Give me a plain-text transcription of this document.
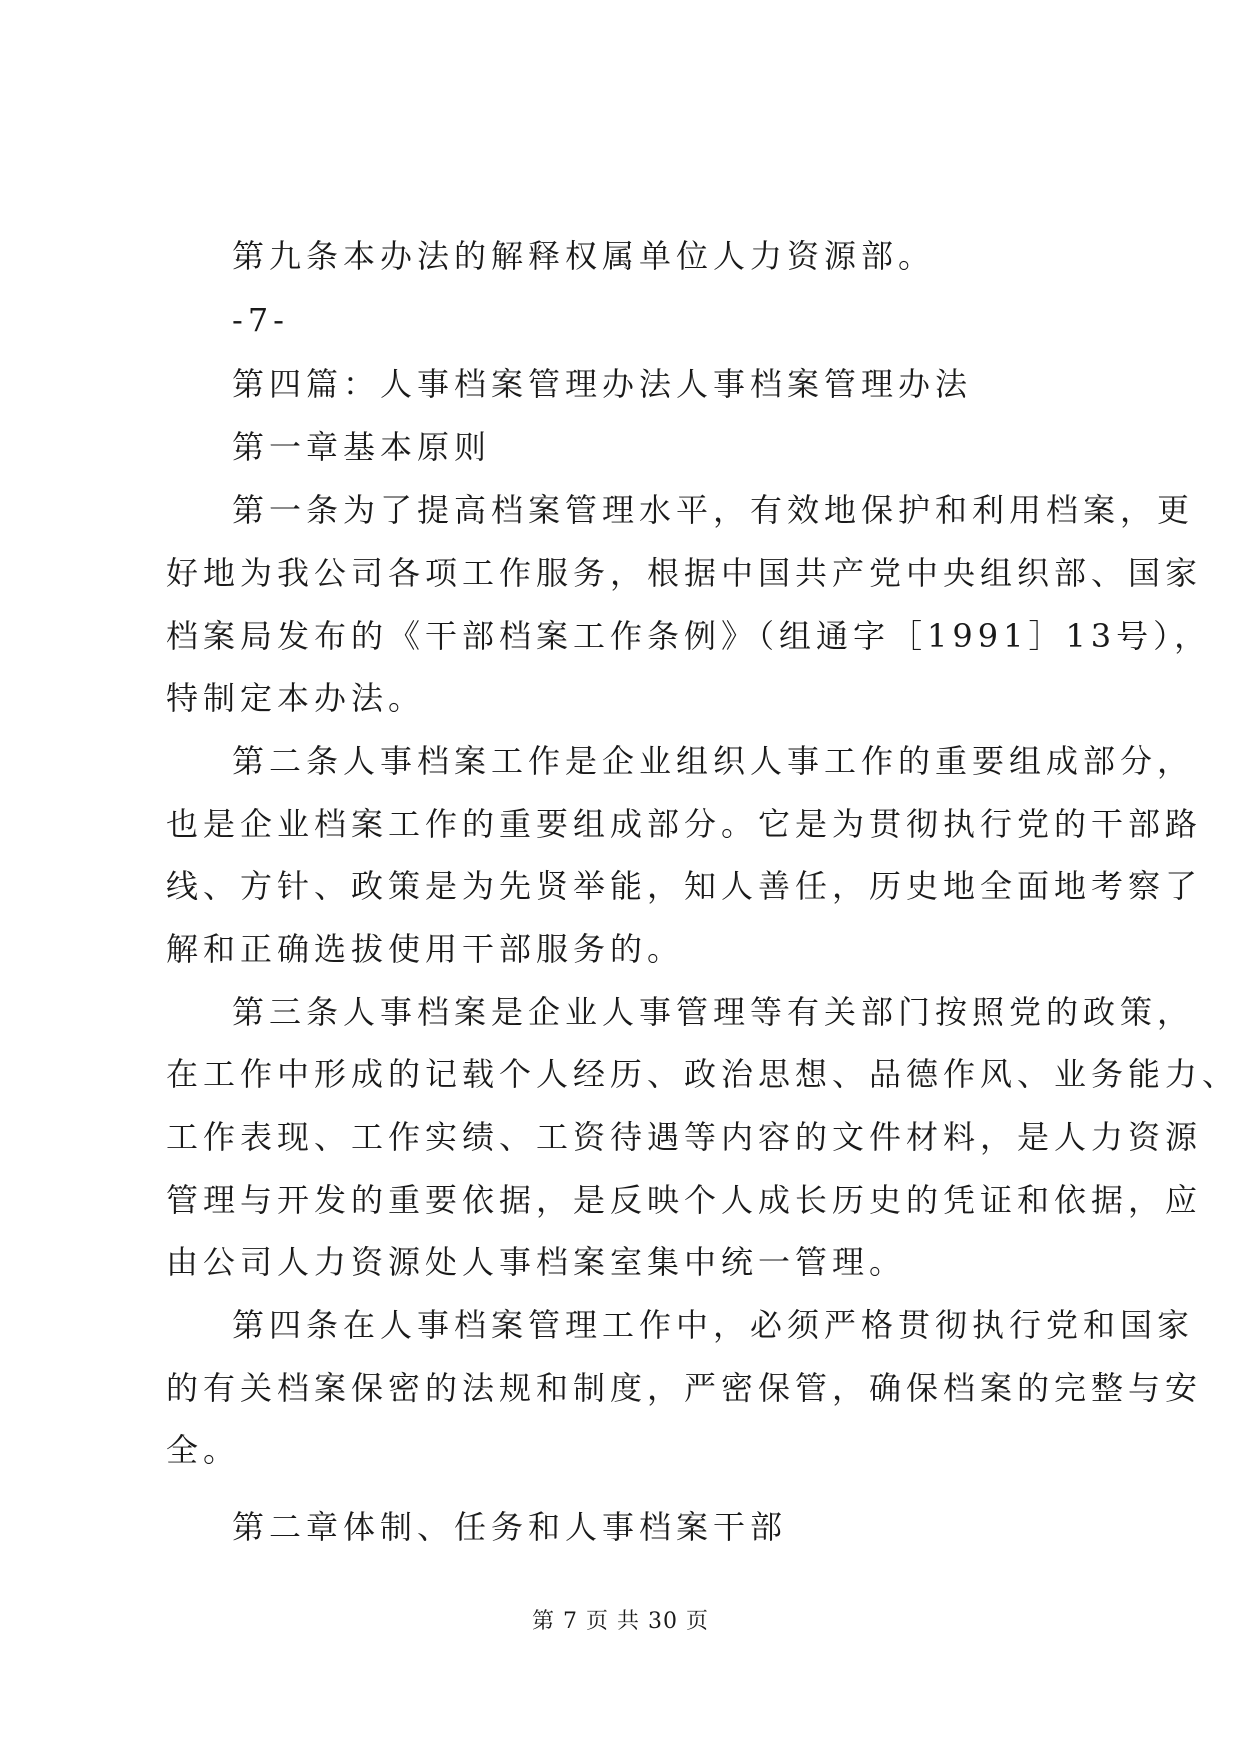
第九条本办法的解释权属单位人力资源部。
-7-
第四篇：人事档案管理办法人事档案管理办法
第一章基本原则
第一条为了提高档案管理水平，有效地保护和利用档案，更
好地为我公司各项工作服务，根据中国共产党中央组织部、国家
档案局发布的《干部档案工作条例》（组通字［1991］13号），
特制定本办法。
第二条人事档案工作是企业组织人事工作的重要组成部分，
也是企业档案工作的重要组成部分。它是为贯彻执行党的干部路
线、方针、政策是为先贤举能，知人善任，历史地全面地考察了
解和正确选拔使用干部服务的。
第三条人事档案是企业人事管理等有关部门按照党的政策，
在工作中形成的记载个人经历、政治思想、品德作风、业务能力、
工作表现、工作实绩、工资待遇等内容的文件材料，是人力资源
管理与开发的重要依据，是反映个人成长历史的凭证和依据，应
由公司人力资源处人事档案室集中统一管理。
第四条在人事档案管理工作中，必须严格贯彻执行党和国家
的有关档案保密的法规和制度，严密保管，确保档案的完整与安
全。
第二章体制、任务和人事档案干部
第 7 页 共 30 页
